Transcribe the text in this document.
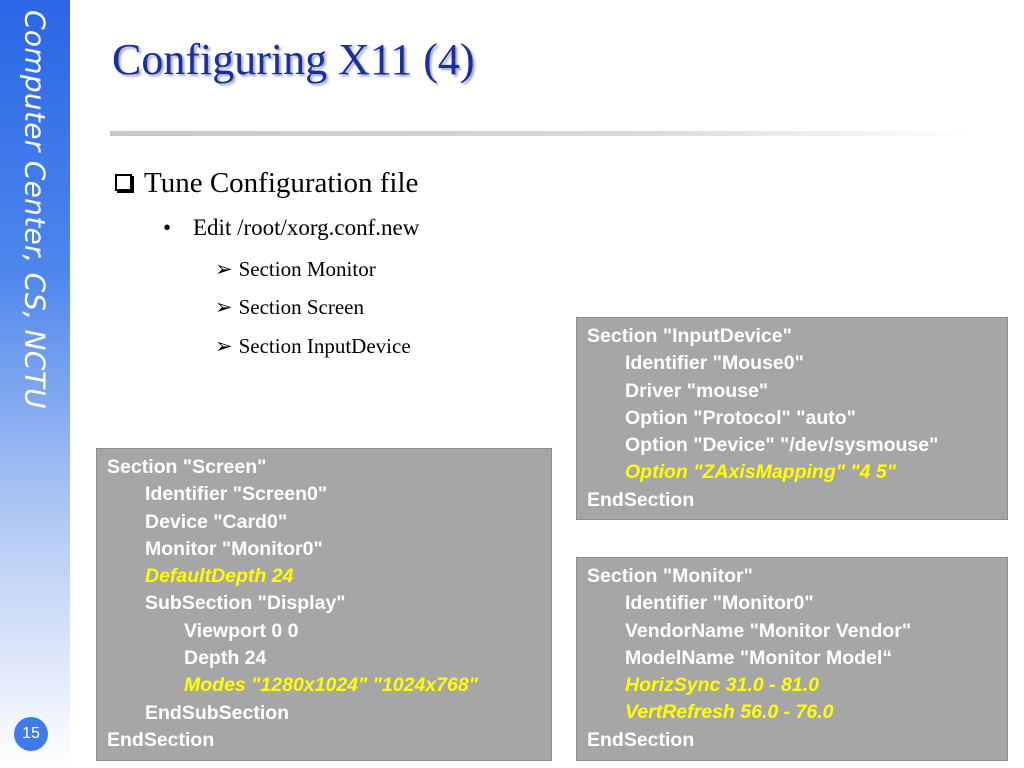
Computer Center, CS, NCTU
15
Configuring X11 (4)
Tune Configuration file
• Edit /root/xorg.conf.new
➢ Section Monitor
➢ Section Screen
➢ Section InputDevice	Section "InputDevice"
Identifier "Mouse0"
Driver "mouse"
Option "Protocol" "auto"
Option "Device" "/dev/sysmouse"
Option "ZAxisMapping" "4 5"
EndSection
Section "Screen"
Identifier "Screen0"
Device "Card0"
Monitor "Monitor0"
DefaultDepth 24
SubSection "Display"
Viewport 0 0
Depth 24
Modes "1280x1024" "1024x768"
EndSubSection
EndSection
Section "Monitor"
Identifier "Monitor0"
VendorName "Monitor Vendor"
ModelName "Monitor Model“
HorizSync 31.0 - 81.0
VertRefresh 56.0 - 76.0
EndSection
